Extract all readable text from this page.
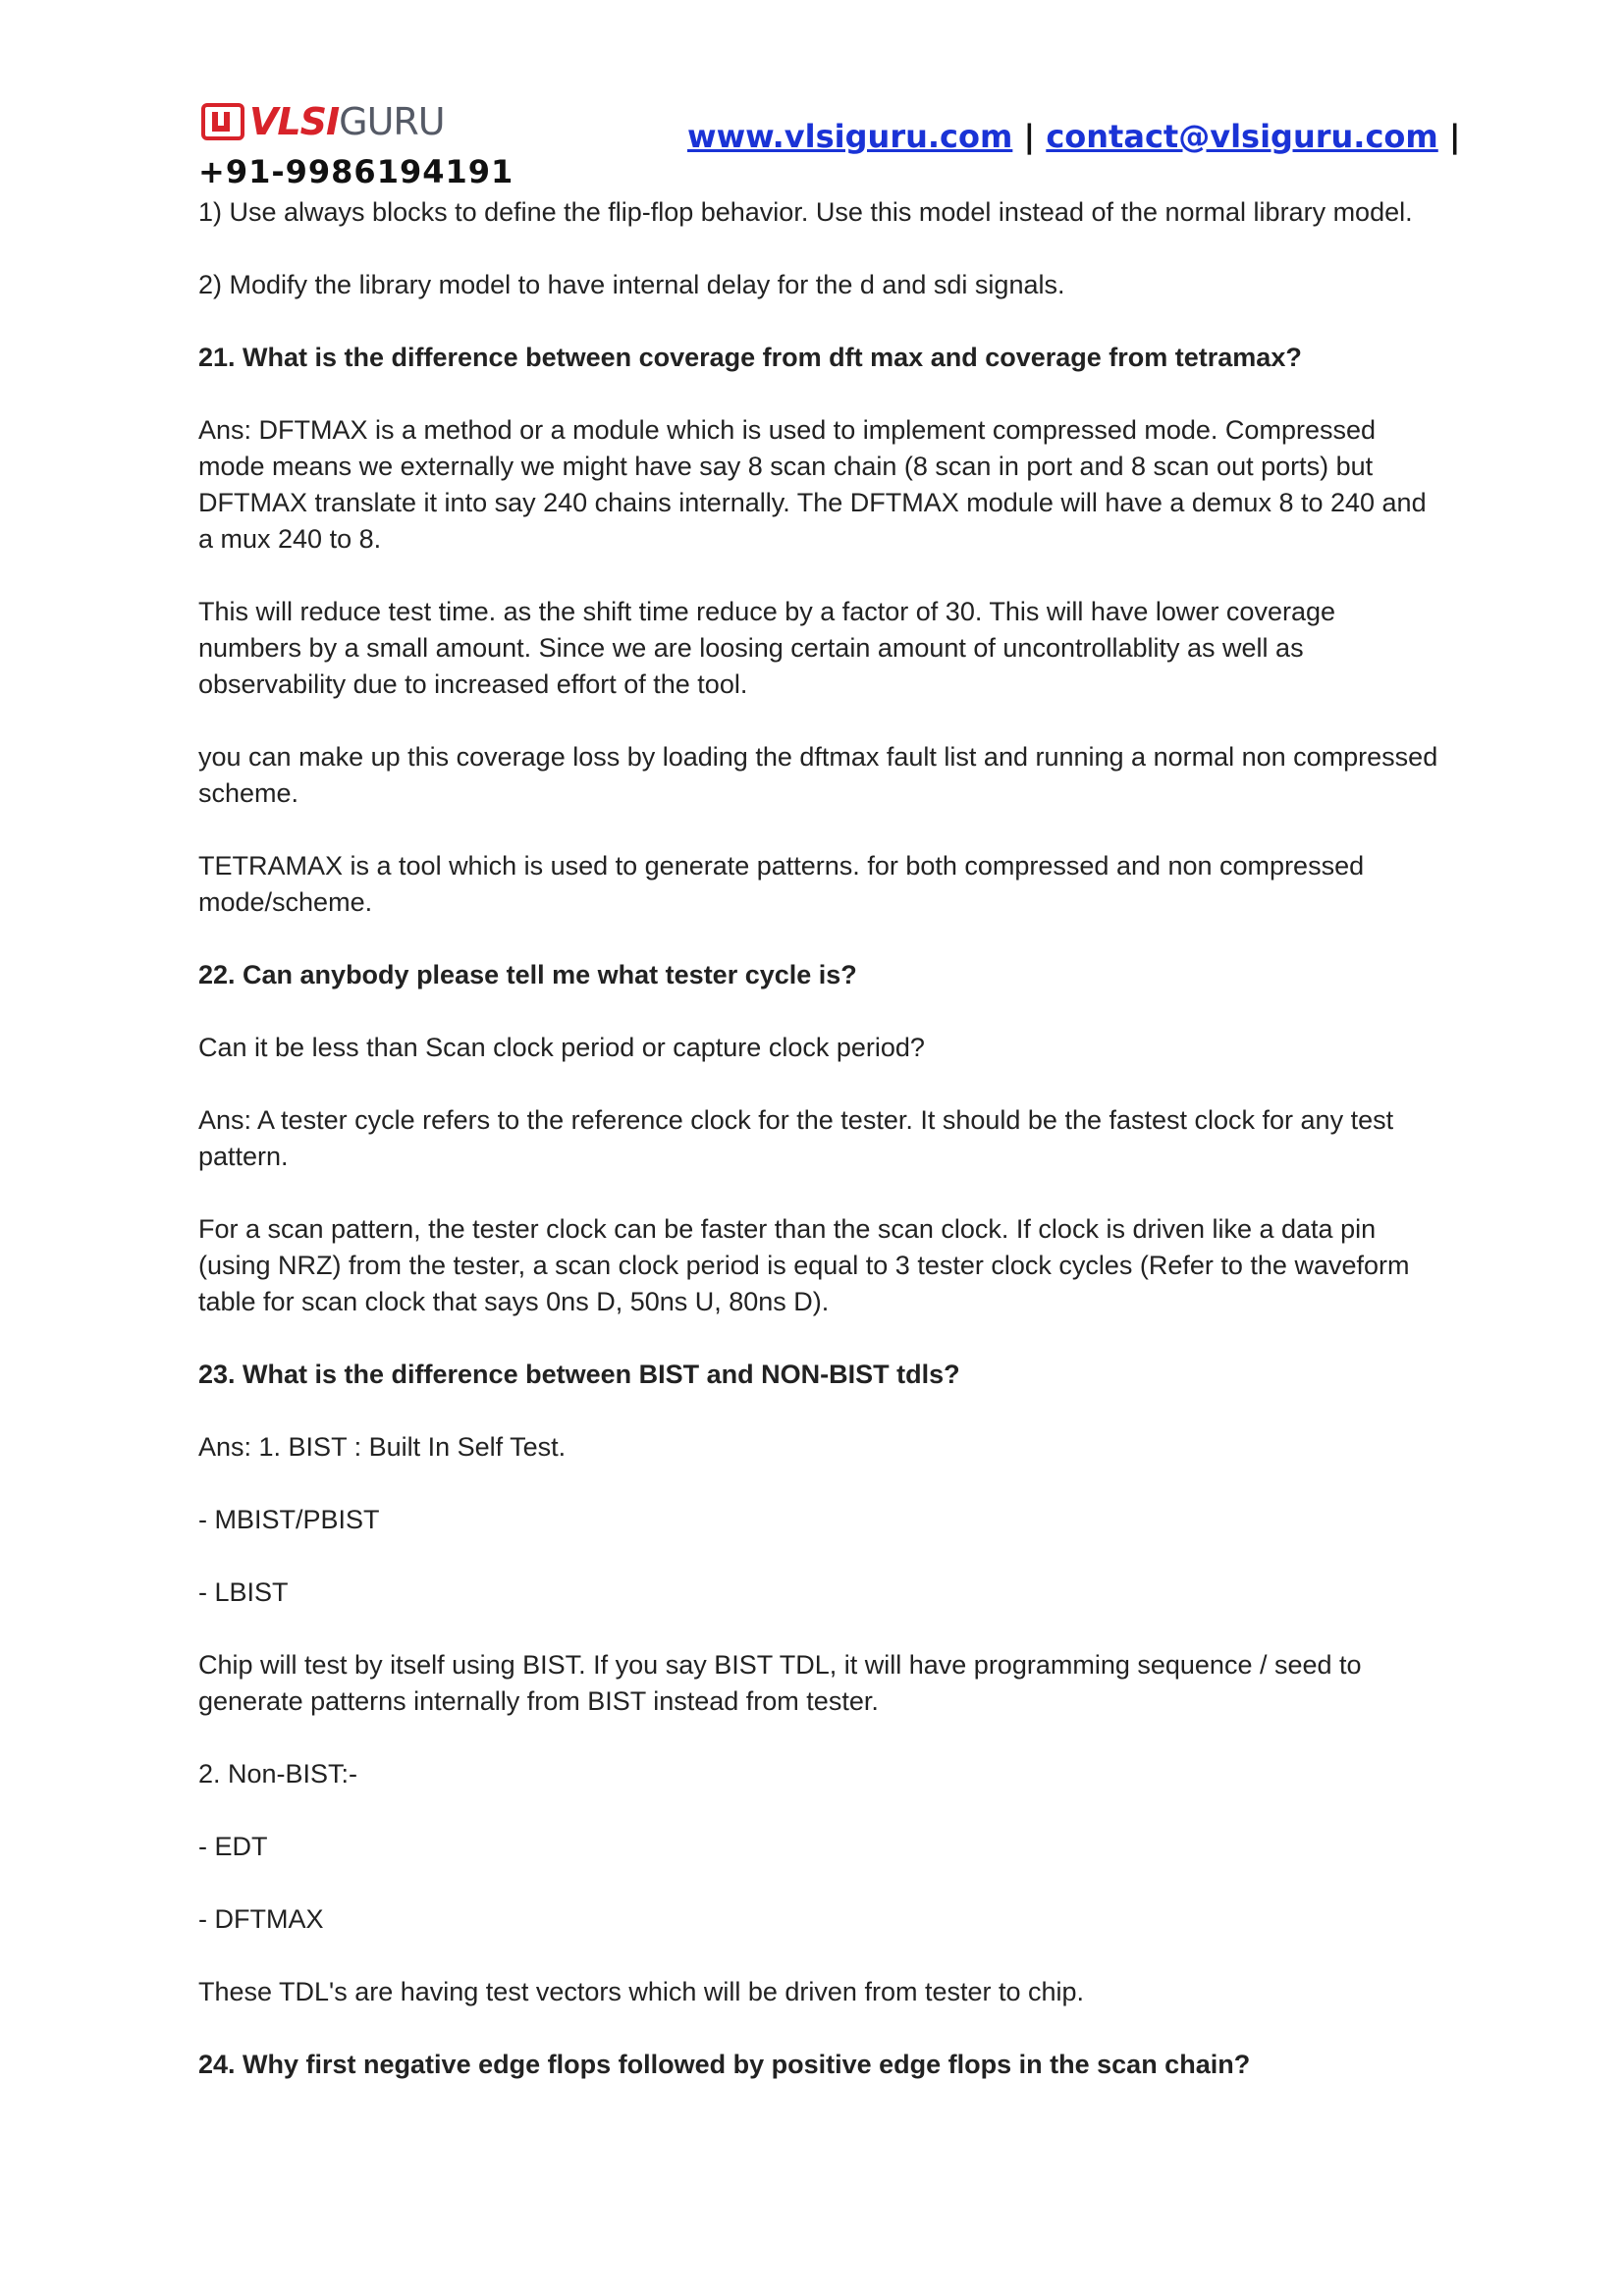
VLSIGURU	www.vlsiguru.com | contact@vlsiguru.com |
+91-9986194191

1) Use always blocks to define the flip-flop behavior. Use this model instead of the normal library model.

2) Modify the library model to have internal delay for the d and sdi signals.

21. What is the difference between coverage from dft max and coverage from tetramax?

Ans: DFTMAX is a method or a module which is used to implement compressed mode. Compressed mode means we externally we might have say 8 scan chain (8 scan in port and 8 scan out ports) but DFTMAX translate it into say 240 chains internally. The DFTMAX module will have a demux 8 to 240 and a mux 240 to 8.

This will reduce test time. as the shift time reduce by a factor of 30. This will have lower coverage numbers by a small amount. Since we are loosing certain amount of uncontrollablity as well as observability due to increased effort of the tool.

you can make up this coverage loss by loading the dftmax fault list and running a normal non compressed scheme.

TETRAMAX is a tool which is used to generate patterns. for both compressed and non compressed mode/scheme.

22. Can anybody please tell me what tester cycle is?

Can it be less than Scan clock period or capture clock period?

Ans: A tester cycle refers to the reference clock for the tester. It should be the fastest clock for any test pattern.

For a scan pattern, the tester clock can be faster than the scan clock. If clock is driven like a data pin (using NRZ) from the tester, a scan clock period is equal to 3 tester clock cycles (Refer to the waveform table for scan clock that says 0ns D, 50ns U, 80ns D).

23. What is the difference between BIST and NON-BIST tdls?

Ans: 1. BIST : Built In Self Test.

- MBIST/PBIST

- LBIST

Chip will test by itself using BIST. If you say BIST TDL, it will have programming sequence / seed to generate patterns internally from BIST instead from tester.

2. Non-BIST:-

- EDT

- DFTMAX

These TDL's are having test vectors which will be driven from tester to chip.

24. Why first negative edge flops followed by positive edge flops in the scan chain?
